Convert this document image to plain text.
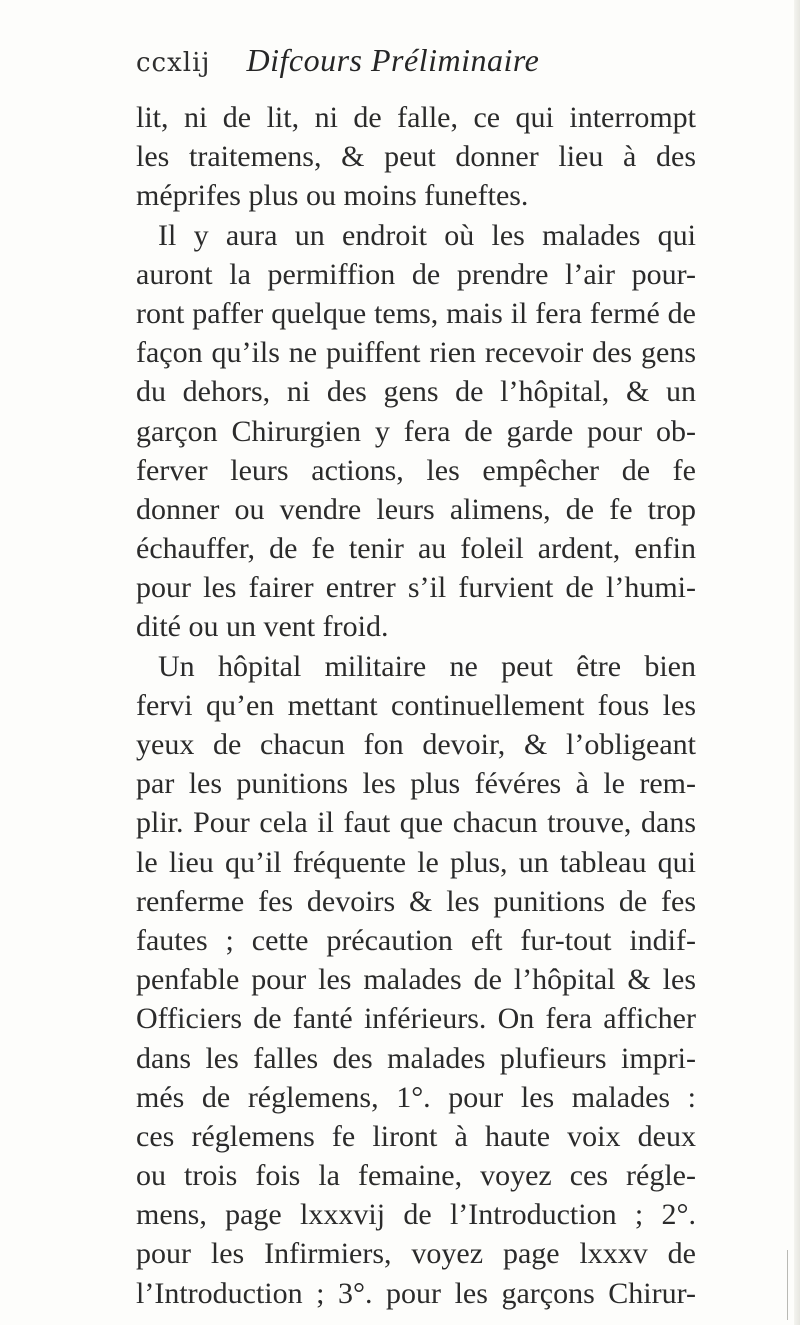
ccxlij Difcours Préliminaire
lit, ni de lit, ni de falle, ce qui interrompt
les traitemens, & peut donner lieu à des
méprifes plus ou moins funeftes.
Il y aura un endroit où les malades qui
auront la permiffion de prendre l’air pour-
ront paffer quelque tems, mais il fera fermé de
façon qu’ils ne puiffent rien recevoir des gens
du dehors, ni des gens de l’hôpital, & un
garçon Chirurgien y fera de garde pour ob-
ferver leurs actions, les empêcher de fe
donner ou vendre leurs alimens, de fe trop
échauffer, de fe tenir au foleil ardent, enfin
pour les fairer entrer s’il furvient de l’humi-
dité ou un vent froid.
Un hôpital militaire ne peut être bien
fervi qu’en mettant continuellement fous les
yeux de chacun fon devoir, & l’obligeant
par les punitions les plus févéres à le rem-
plir. Pour cela il faut que chacun trouve, dans
le lieu qu’il fréquente le plus, un tableau qui
renferme fes devoirs & les punitions de fes
fautes ; cette précaution eft fur-tout indif-
penfable pour les malades de l’hôpital & les
Officiers de fanté inférieurs. On fera afficher
dans les falles des malades plufieurs impri-
més de réglemens, 1°. pour les malades :
ces réglemens fe liront à haute voix deux
ou trois fois la femaine, voyez ces régle-
mens, page lxxxvij de l’Introduction ; 2°.
pour les Infirmiers, voyez page lxxxv de
l’Introduction ; 3°. pour les garçons Chirur-
